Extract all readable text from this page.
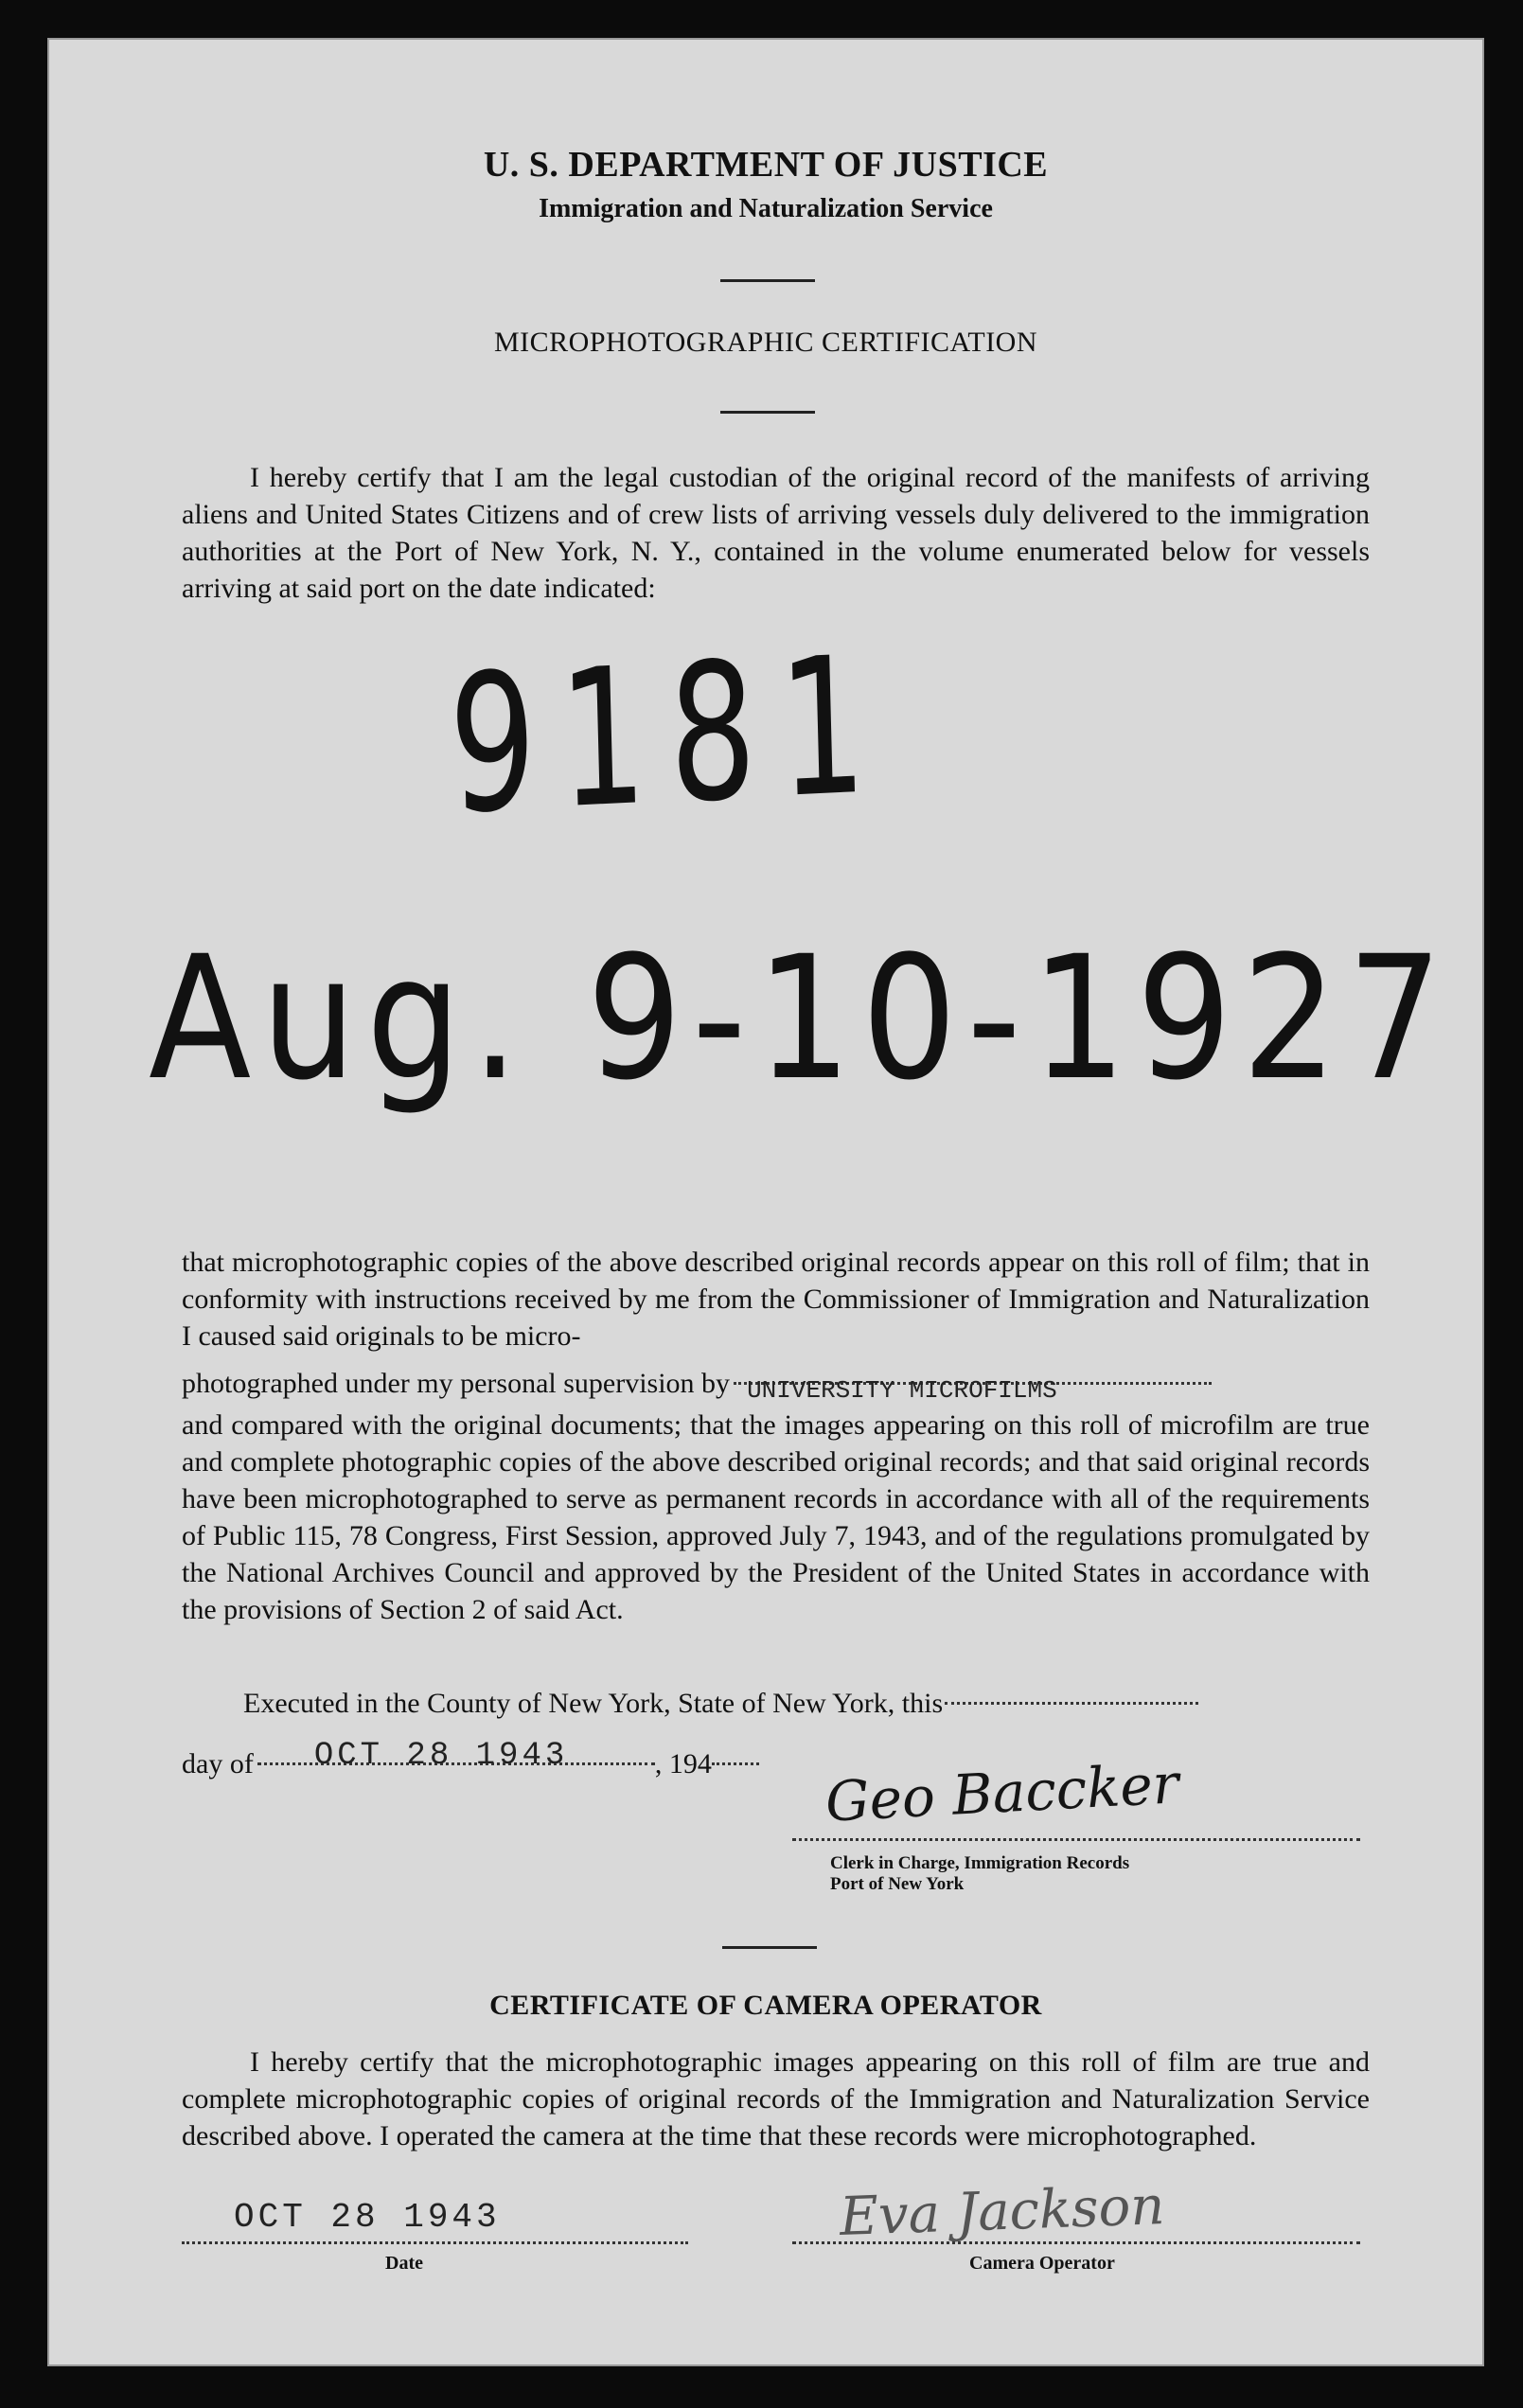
U. S. DEPARTMENT OF JUSTICE
Immigration and Naturalization Service
MICROPHOTOGRAPHIC CERTIFICATION
I hereby certify that I am the legal custodian of the original record of the manifests of arriving aliens and United States Citizens and of crew lists of arriving vessels duly delivered to the immigration authorities at the Port of New York, N. Y., contained in the volume enumerated below for vessels arriving at said port on the date indicated:
9181
Aug. 9-10-1927
that microphotographic copies of the above described original records appear on this roll of film; that in conformity with instructions received by me from the Commissioner of Immigration and Naturalization I caused said originals to be micro-
photographed under my personal supervision by UNIVERSITY MICROFILMS
and compared with the original documents; that the images appearing on this roll of microfilm are true and complete photographic copies of the above described original records; and that said original records have been microphotographed to serve as permanent records in accordance with all of the requirements of Public 115, 78 Congress, First Session, approved July 7, 1943, and of the regulations promulgated by the National Archives Council and approved by the President of the United States in accordance with the provisions of Section 2 of said Act.
Executed in the County of New York, State of New York, this
day of OCT 28 1943	, 194	Geo Baccker
Clerk in Charge, Immigration Records
Port of New York
CERTIFICATE OF CAMERA OPERATOR
I hereby certify that the microphotographic images appearing on this roll of film are true and complete microphotographic copies of original records of the Immigration and Naturalization Service described above. I operated the camera at the time that these records were microphotographed.
OCT 28 1943
Date
Eva Jackson
Camera Operator
